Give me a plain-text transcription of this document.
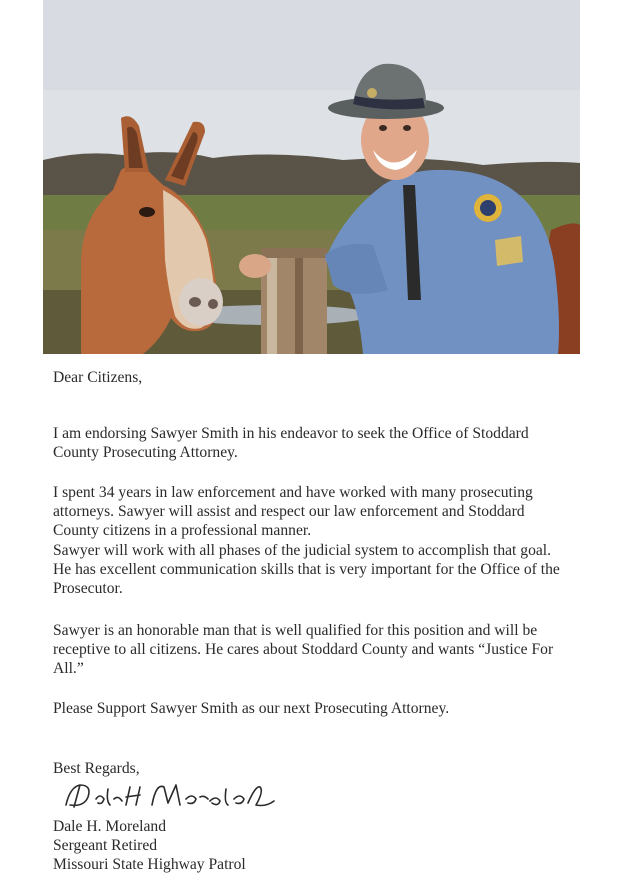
Dear Citizens,

I am endorsing Sawyer Smith in his endeavor to seek the Office of Stoddard
County Prosecuting Attorney.

I spent 34 years in law enforcement and have worked with many prosecuting
attorneys. Sawyer will assist and respect our law enforcement and Stoddard
County citizens in a professional manner.
Sawyer will work with all phases of the judicial system to accomplish that goal.
He has excellent communication skills that is very important for the Office of the
Prosecutor.

Sawyer is an honorable man that is well qualified for this position and will be
receptive to all citizens. He cares about Stoddard County and wants “Justice For
All.”

Please Support Sawyer Smith as our next Prosecuting Attorney.

Best Regards,

Dale H. Moreland
Sergeant Retired
Missouri State Highway Patrol
